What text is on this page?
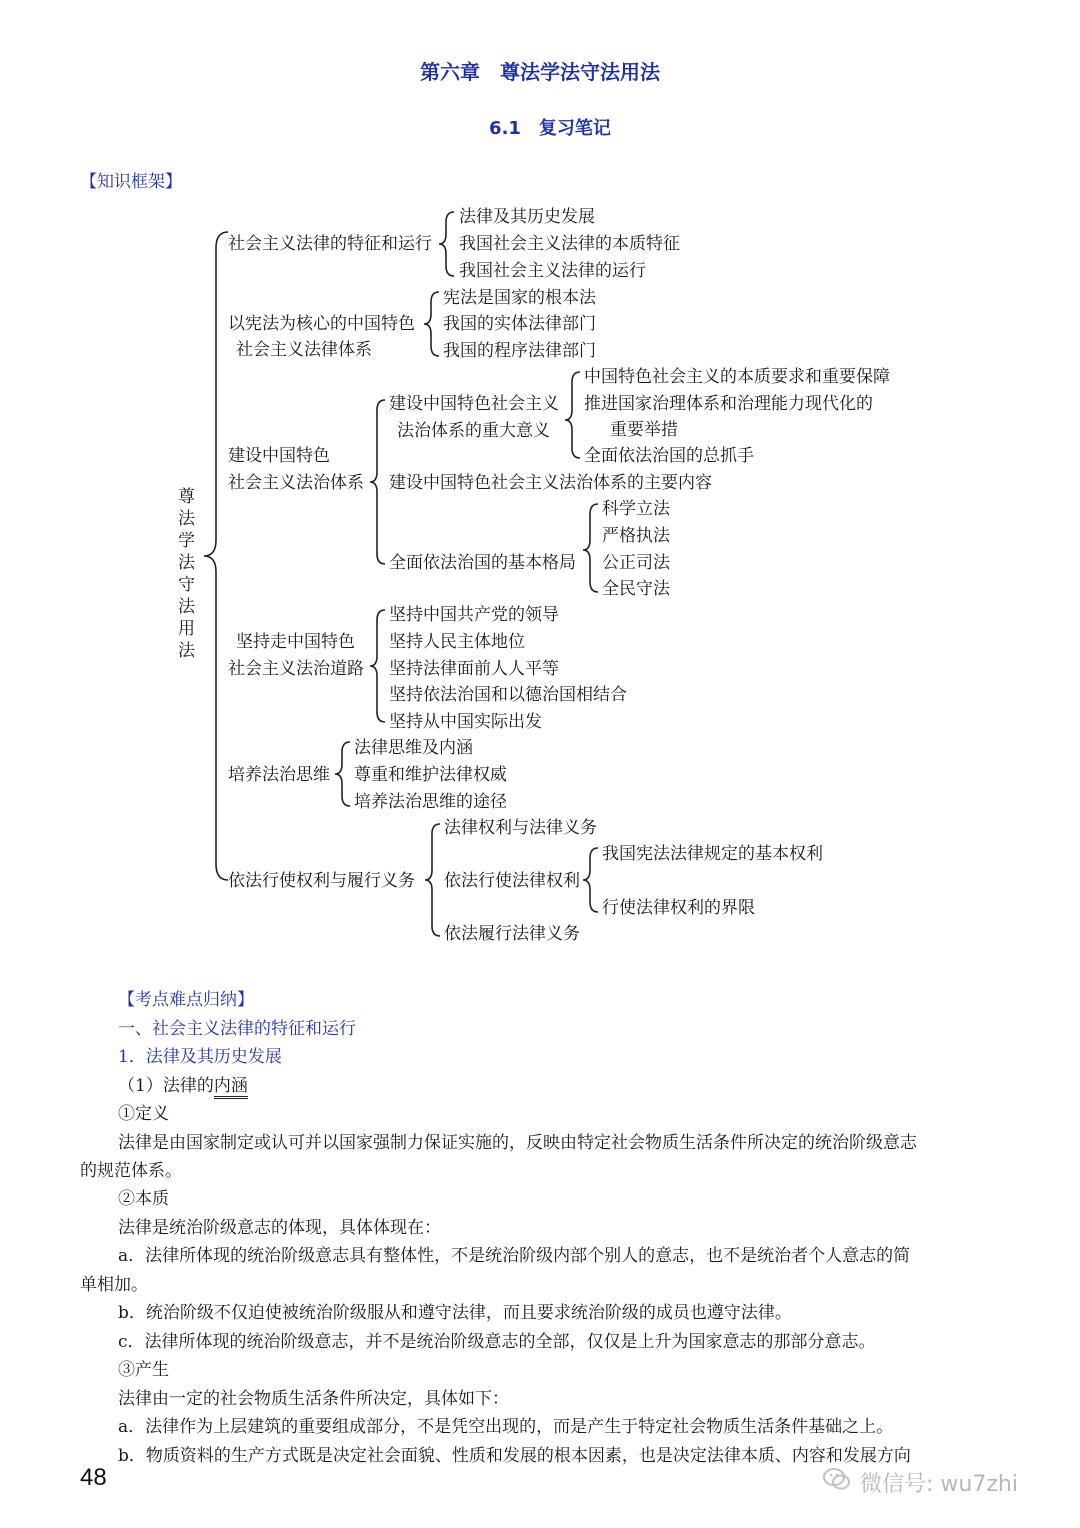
第六章　尊法学法守法用法
6.1　复习笔记
【知识框架】
尊法学法守法用法
社会主义法律的特征和运行
法律及其历史发展
我国社会主义法律的本质特征
我国社会主义法律的运行
以宪法为核心的中国特色
社会主义法律体系
宪法是国家的根本法
我国的实体法律部门
我国的程序法律部门
建设中国特色
社会主义法治体系
建设中国特色社会主义
法治体系的重大意义
中国特色社会主义的本质要求和重要保障
推进国家治理体系和治理能力现代化的
重要举措
全面依法治国的总抓手
建设中国特色社会主义法治体系的主要内容
全面依法治国的基本格局
科学立法
严格执法
公正司法
全民守法
坚持走中国特色
社会主义法治道路
坚持中国共产党的领导
坚持人民主体地位
坚持法律面前人人平等
坚持依法治国和以德治国相结合
坚持从中国实际出发
培养法治思维
法律思维及内涵
尊重和维护法律权威
培养法治思维的途径
依法行使权利与履行义务
法律权利与法律义务
依法行使法律权利
我国宪法法律规定的基本权利
行使法律权利的界限
依法履行法律义务
【考点难点归纳】
一、社会主义法律的特征和运行
1．法律及其历史发展
（1）法律的内涵
①定义
法律是由国家制定或认可并以国家强制力保证实施的，反映由特定社会物质生活条件所决定的统治阶级意志
的规范体系。
②本质
法律是统治阶级意志的体现，具体体现在：
a．法律所体现的统治阶级意志具有整体性，不是统治阶级内部个别人的意志，也不是统治者个人意志的简
单相加。
b．统治阶级不仅迫使被统治阶级服从和遵守法律，而且要求统治阶级的成员也遵守法律。
c．法律所体现的统治阶级意志，并不是统治阶级意志的全部，仅仅是上升为国家意志的那部分意志。
③产生
法律由一定的社会物质生活条件所决定，具体如下：
a．法律作为上层建筑的重要组成部分，不是凭空出现的，而是产生于特定社会物质生活条件基础之上。
b．物质资料的生产方式既是决定社会面貌、性质和发展的根本因素，也是决定法律本质、内容和发展方向
48	微信号: wu7zhi
